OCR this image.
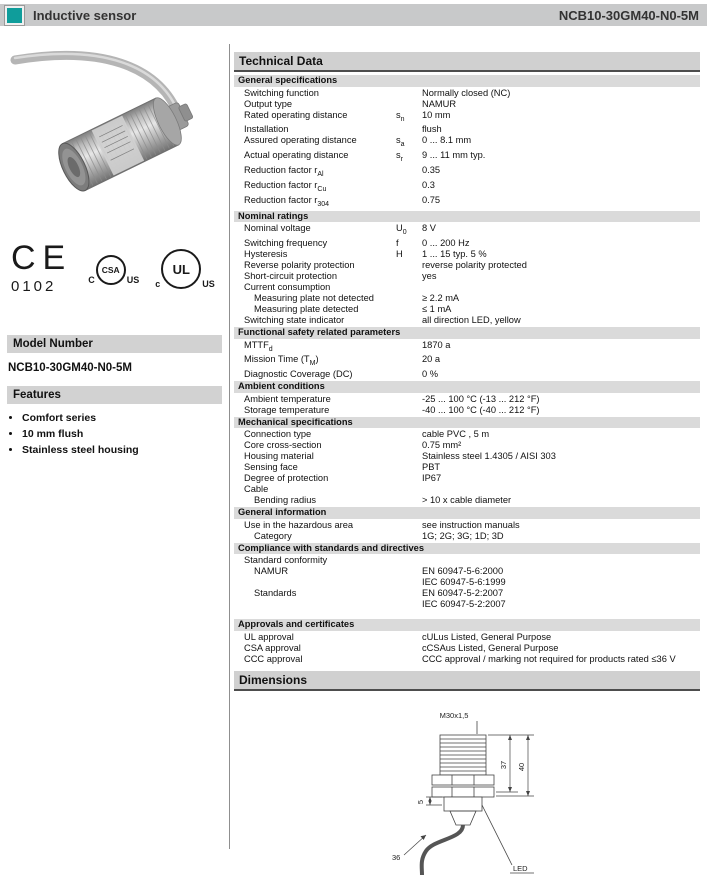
Inductive sensor	NCB10-30GM40-N0-5M
CE
0102	C
CSA
US c
UL
US
Model Number
NCB10-30GM40-N0-5M
Features
• Comfort series
• 10 mm flush
• Stainless steel housing
Technical Data
General specifications
Switching function	Normally closed (NC)
Output type	NAMUR
Rated operating distance	$s_n$	10 mm
Installation	flush
Assured operating distance	$s_a$	0 ... 8.1 mm
Actual operating distance	$s_r$	9 ... 11 mm typ.
Reduction factor $r_{Al}$	0.35
Reduction factor $r_{Cu}$	0.3
Reduction factor $r_{304}$	0.75
Nominal ratings
Nominal voltage	$U_0$	8 V
Switching frequency	f	0 ... 200 Hz
Hysteresis	H	1 ... 15 typ. 5 %
Reverse polarity protection	reverse polarity protected
Short-circuit protection	yes
Current consumption
Measuring plate not detected	≥ 2.2 mA
Measuring plate detected	≤ 1 mA
Switching state indicator	all direction LED, yellow
Functional safety related parameters
$MTTF_d$	1870 a
Mission Time $(T_M)$	20 a
Diagnostic Coverage (DC)	0 %
Ambient conditions
Ambient temperature	-25 ... 100 °C (-13 ... 212 °F)
Storage temperature	-40 ... 100 °C (-40 ... 212 °F)
Mechanical specifications
Connection type	cable PVC , 5 m
Core cross-section	0.75 mm²
Housing material	Stainless steel 1.4305 / AISI 303
Sensing face	PBT
Degree of protection	IP67
Cable
Bending radius	> 10 x cable diameter
General information
Use in the hazardous area	see instruction manuals
Category	1G; 2G; 3G; 1D; 3D
Compliance with standards and directives
Standard conformity
NAMUR	EN 60947-5-6:2000
IEC 60947-5-6:1999
Standards	EN 60947-5-2:2007
IEC 60947-5-2:2007
Approvals and certificates
UL approval	cULus Listed, General Purpose
CSA approval	cCSAus Listed, General Purpose
CCC approval	CCC approval / marking not required for products rated ≤36 V
Dimensions
M30x1,5
37 40
5
36
LED
